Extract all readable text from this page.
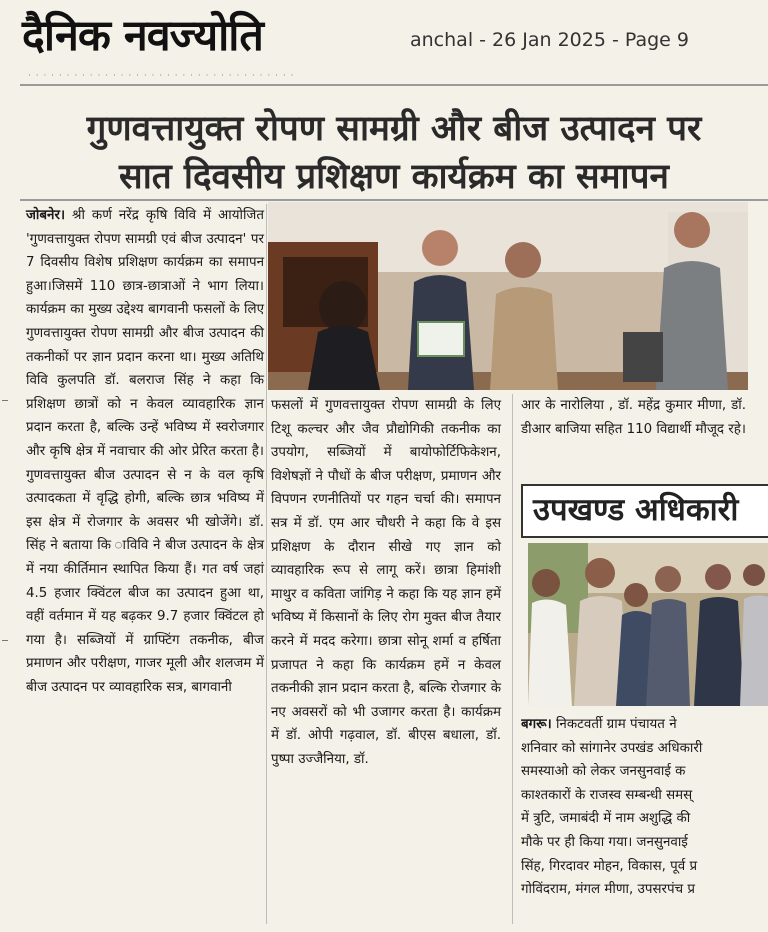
दैनिक नवज्योति	anchal - 26 Jan 2025 - Page 9
· · · · · · · · · · · · · · · · · · · · · · · · · · · · · · · · · · ·
गुणवत्तायुक्त रोपण सामग्री और बीज उत्पादन पर
सात दिवसीय प्रशिक्षण कार्यक्रम का समापन
जोबनेर। श्री कर्ण नरेंद्र कृषि विवि में आयोजित 'गुणवत्तायुक्त रोपण सामग्री एवं बीज उत्पादन' पर 7 दिवसीय विशेष प्रशिक्षण कार्यक्रम का समापन हुआ।जिसमें 110 छात्र-छात्राओं ने भाग लिया। कार्यक्रम का मुख्य उद्देश्य बागवानी फसलों के लिए गुणवत्तायुक्त रोपण सामग्री और बीज उत्पादन की तकनीकों पर ज्ञान प्रदान करना था। मुख्य अतिथि विवि कुलपति डॉ. बलराज सिंह ने कहा कि प्रशिक्षण छात्रों को न केवल व्यावहारिक ज्ञान प्रदान करता है, बल्कि उन्हें भविष्य में स्वरोजगार और कृषि क्षेत्र में नवाचार की ओर प्रेरित करता है। गुणवत्तायुक्त बीज उत्पादन से न के वल कृषि उत्पादकता में वृद्धि होगी, बल्कि छात्र भविष्य में इस क्षेत्र में रोजगार के अवसर भी खोजेंगे। डॉ. सिंह ने बताया कि ाविवि ने बीज उत्पादन के क्षेत्र में नया कीर्तिमान स्थापित किया हैं। गत वर्ष जहां 4.5 हजार क्विंटल बीज का उत्पादन हुआ था, वहीं वर्तमान में यह बढ़कर 9.7 हजार क्विंटल हो गया है। सब्जियों में ग्राफ्टिंग तकनीक, बीज प्रमाणन और परीक्षण, गाजर मूली और शलजम में बीज उत्पादन पर व्यावहारिक सत्र, बागवानी
फसलों में गुणवत्तायुक्त रोपण सामग्री के लिए टिशू कल्चर और जैव प्रौद्योगिकी तकनीक का उपयोग, सब्जियों में बायोफोर्टिफिकेशन, विशेषज्ञों ने पौधों के बीज परीक्षण, प्रमाणन और विपणन रणनीतियों पर गहन चर्चा की। समापन सत्र में डॉ. एम आर चौधरी ने कहा कि वे इस प्रशिक्षण के दौरान सीखे गए ज्ञान को व्यावहारिक रूप से लागू करें। छात्रा हिमांशी माथुर व कविता जांगिड़ ने कहा कि यह ज्ञान हमें भविष्य में किसानों के लिए रोग मुक्त बीज तैयार करने में मदद करेगा। छात्रा सोनू शर्मा व हर्षिता प्रजापत ने कहा कि कार्यक्रम हमें न केवल तकनीकी ज्ञान प्रदान करता है, बल्कि रोजगार के नए अवसरों को भी उजागर करता है। कार्यक्रम में डॉ. ओपी गढ़वाल, डॉ. बीएस बधाला, डॉ. पुष्पा उज्जैनिया, डॉ.
आर के नारोलिया , डॉ. महेंद्र कुमार मीणा, डॉ. डीआर बाजिया सहित 110 विद्यार्थी मौजूद रहे।
उपखण्ड अधिकारी
बगरू। निकटवर्ती ग्राम पंचायत ने
शनिवार को सांगानेर उपखंड अधिकारी
समस्याओ को लेकर जनसुनवाई क
काश्तकारों के राजस्व सम्बन्धी समस्
में त्रुटि, जमाबंदी में नाम अशुद्धि की
मौके पर ही किया गया। जनसुनवाई
सिंह, गिरदावर मोहन, विकास, पूर्व प्र
गोविंदराम, मंगल मीणा, उपसरपंच प्र
